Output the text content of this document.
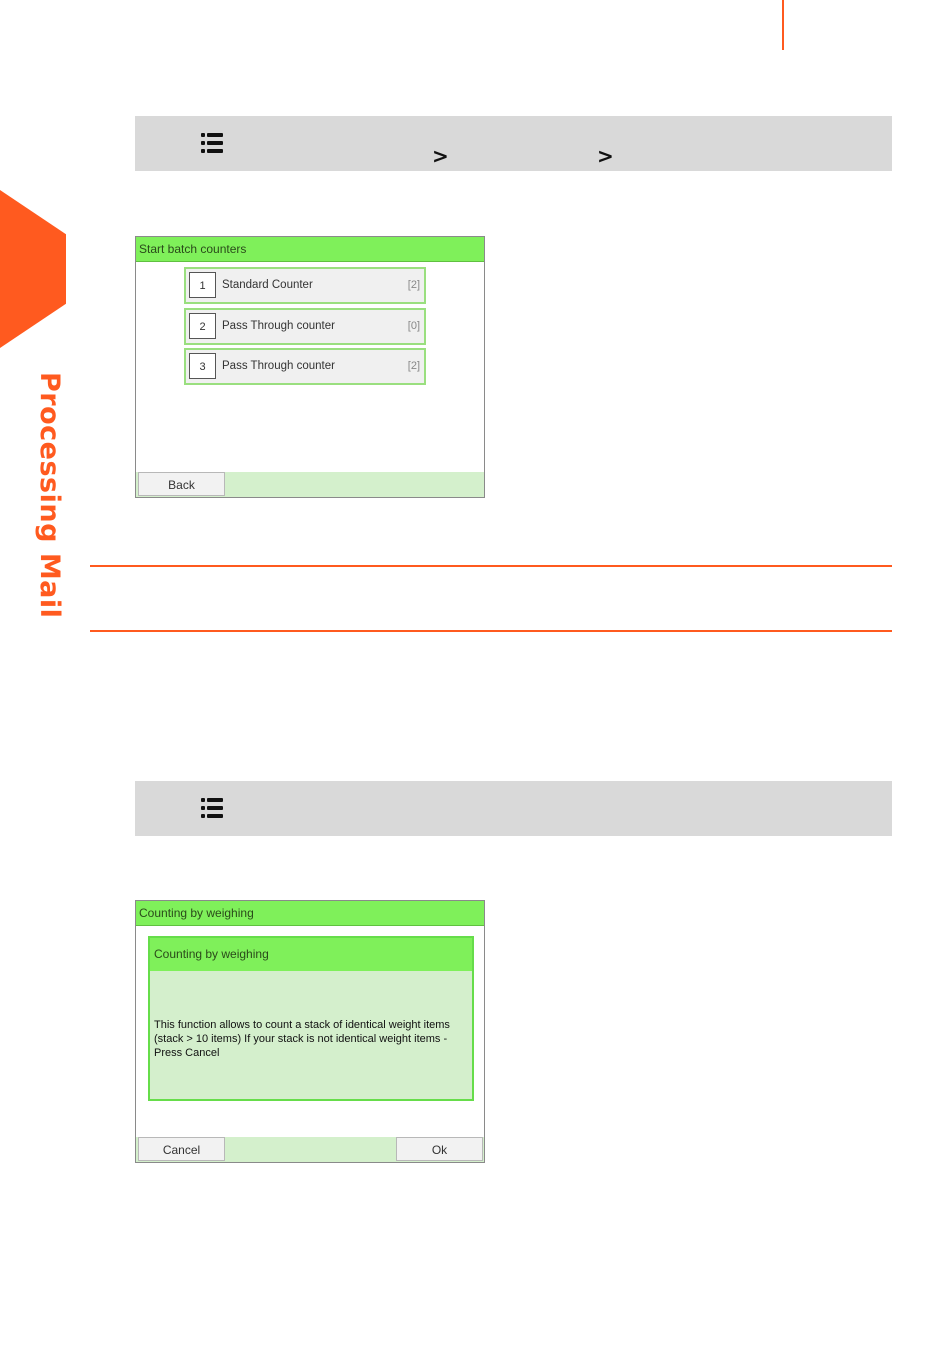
Processing Mail
>	>
Start batch counters
1	Standard Counter	[2]
2	Pass Through counter	[0]
3	Pass Through counter	[2]
Back
Counting by weighing
Counting by weighing
This function allows to count a stack of identical weight items (stack > 10 items) If your stack is not identical weight items - Press Cancel
Cancel	Ok
